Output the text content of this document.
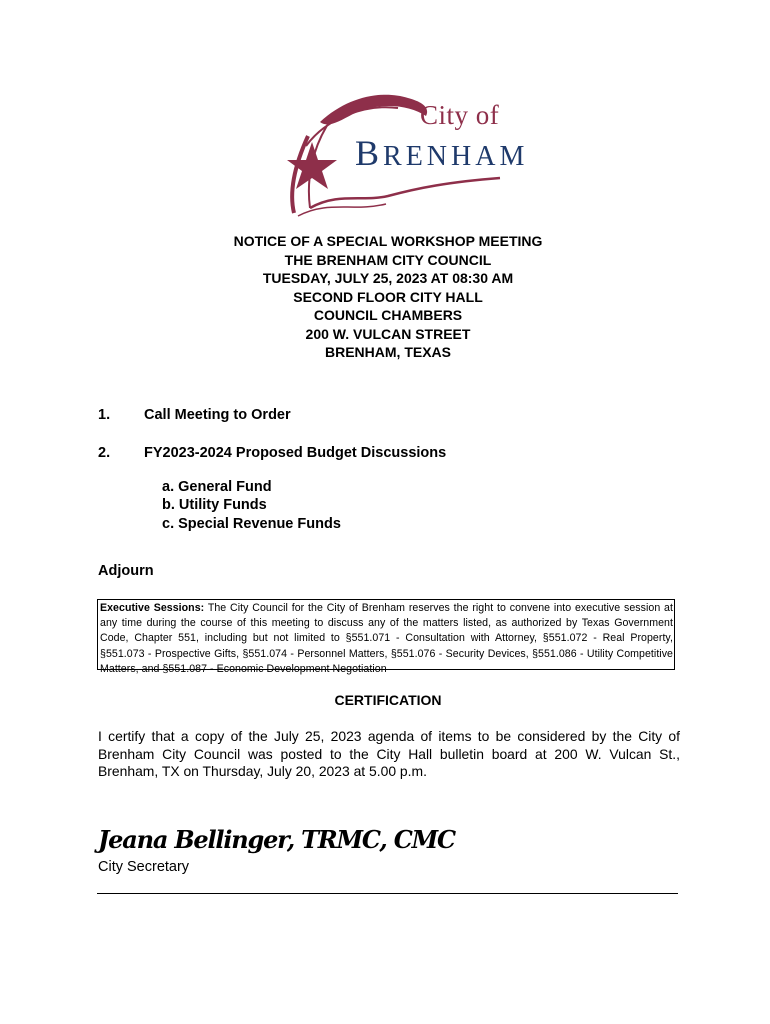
City of
BRENHAM
NOTICE OF A SPECIAL WORKSHOP MEETING
THE BRENHAM CITY COUNCIL
TUESDAY, JULY 25, 2023 AT 08:30 AM
SECOND FLOOR CITY HALL
COUNCIL CHAMBERS
200 W. VULCAN STREET
BRENHAM, TEXAS
1. Call Meeting to Order
2. FY2023-2024 Proposed Budget Discussions
a. General Fund
b. Utility Funds
c. Special Revenue Funds
Adjourn
Executive Sessions: The City Council for the City of Brenham reserves the right to convene into executive session at any time during the course of this meeting to discuss any of the matters listed, as authorized by Texas Government Code, Chapter 551, including but not limited to §551.071 - Consultation with Attorney, §551.072 - Real Property, §551.073 - Prospective Gifts, §551.074 - Personnel Matters, §551.076 - Security Devices, §551.086 - Utility Competitive Matters, and §551.087 - Economic Development Negotiation
CERTIFICATION
I certify that a copy of the July 25, 2023 agenda of items to be considered by the City of Brenham City Council was posted to the City Hall bulletin board at 200 W. Vulcan St., Brenham, TX on Thursday, July 20, 2023 at 5.00 p.m.
Jeana Bellinger, TRMC, CMC
City Secretary
